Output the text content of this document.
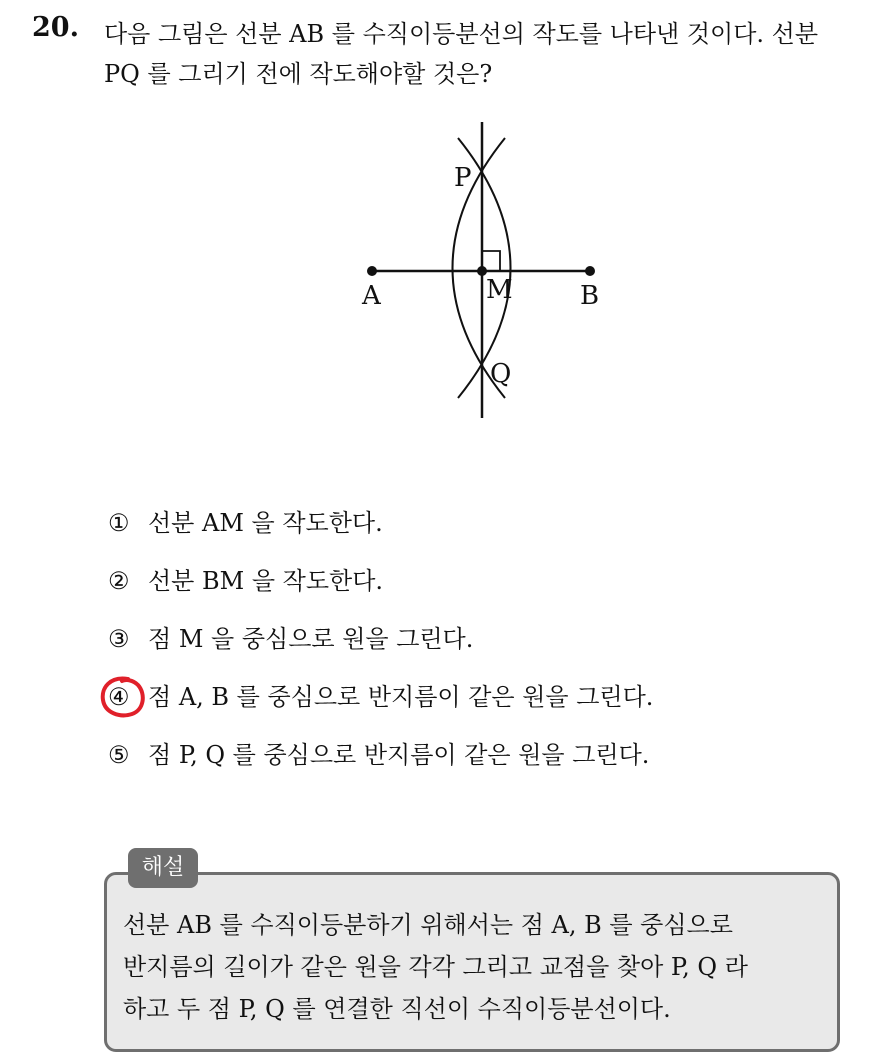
20. 다음 그림은 선분 AB 를 수직이등분선의 작도를 나타낸 것이다. 선분
PQ 를 그리기 전에 작도해야할 것은?
P
A	M	B
Q
① 선분 AM 을 작도한다.
② 선분 BM 을 작도한다.
③ 점 M 을 중심으로 원을 그린다.
④ 점 A, B 를 중심으로 반지름이 같은 원을 그린다.
⑤ 점 P, Q 를 중심으로 반지름이 같은 원을 그린다.
해설
선분 AB 를 수직이등분하기 위해서는 점 A, B 를 중심으로
반지름의 길이가 같은 원을 각각 그리고 교점을 찾아 P, Q 라
하고 두 점 P, Q 를 연결한 직선이 수직이등분선이다.
